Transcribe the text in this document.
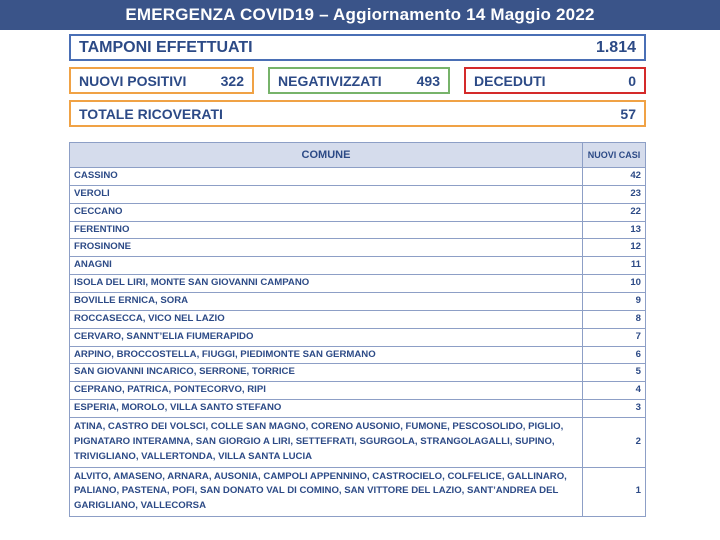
EMERGENZA COVID19 – Aggiornamento 14 Maggio 2022
TAMPONI EFFETTUATI	1.814
NUOVI POSITIVI 322 NEGATIVIZZATI 493 DECEDUTI	0
TOTALE RICOVERATI	57
COMUNE	NUOVI CASI
CASSINO	42
VEROLI	23
CECCANO	22
FERENTINO	13
FROSINONE	12
ANAGNI	11
ISOLA DEL LIRI, MONTE SAN GIOVANNI CAMPANO	10
BOVILLE ERNICA, SORA	9
ROCCASECCA, VICO NEL LAZIO	8
CERVARO, SANNT’ELIA FIUMERAPIDO	7
ARPINO, BROCCOSTELLA, FIUGGI, PIEDIMONTE SAN GERMANO	6
SAN GIOVANNI INCARICO, SERRONE, TORRICE	5
CEPRANO, PATRICA, PONTECORVO, RIPI	4
ESPERIA, MOROLO, VILLA SANTO STEFANO	3
ATINA, CASTRO DEI VOLSCI, COLLE SAN MAGNO, CORENO AUSONIO, FUMONE, PESCOSOLIDO, PIGLIO, PIGNATARO INTERAMNA, SAN GIORGIO A LIRI, SETTEFRATI, SGURGOLA, STRANGOLAGALLI, SUPINO, TRIVIGLIANO, VALLERTONDA, VILLA SANTA LUCIA	2
ALVITO, AMASENO, ARNARA, AUSONIA, CAMPOLI APPENNINO, CASTROCIELO, COLFELICE, GALLINARO, PALIANO, PASTENA, POFI, SAN DONATO VAL DI COMINO, SAN VITTORE DEL LAZIO, SANT’ANDREA DEL GARIGLIANO, VALLECORSA	1
